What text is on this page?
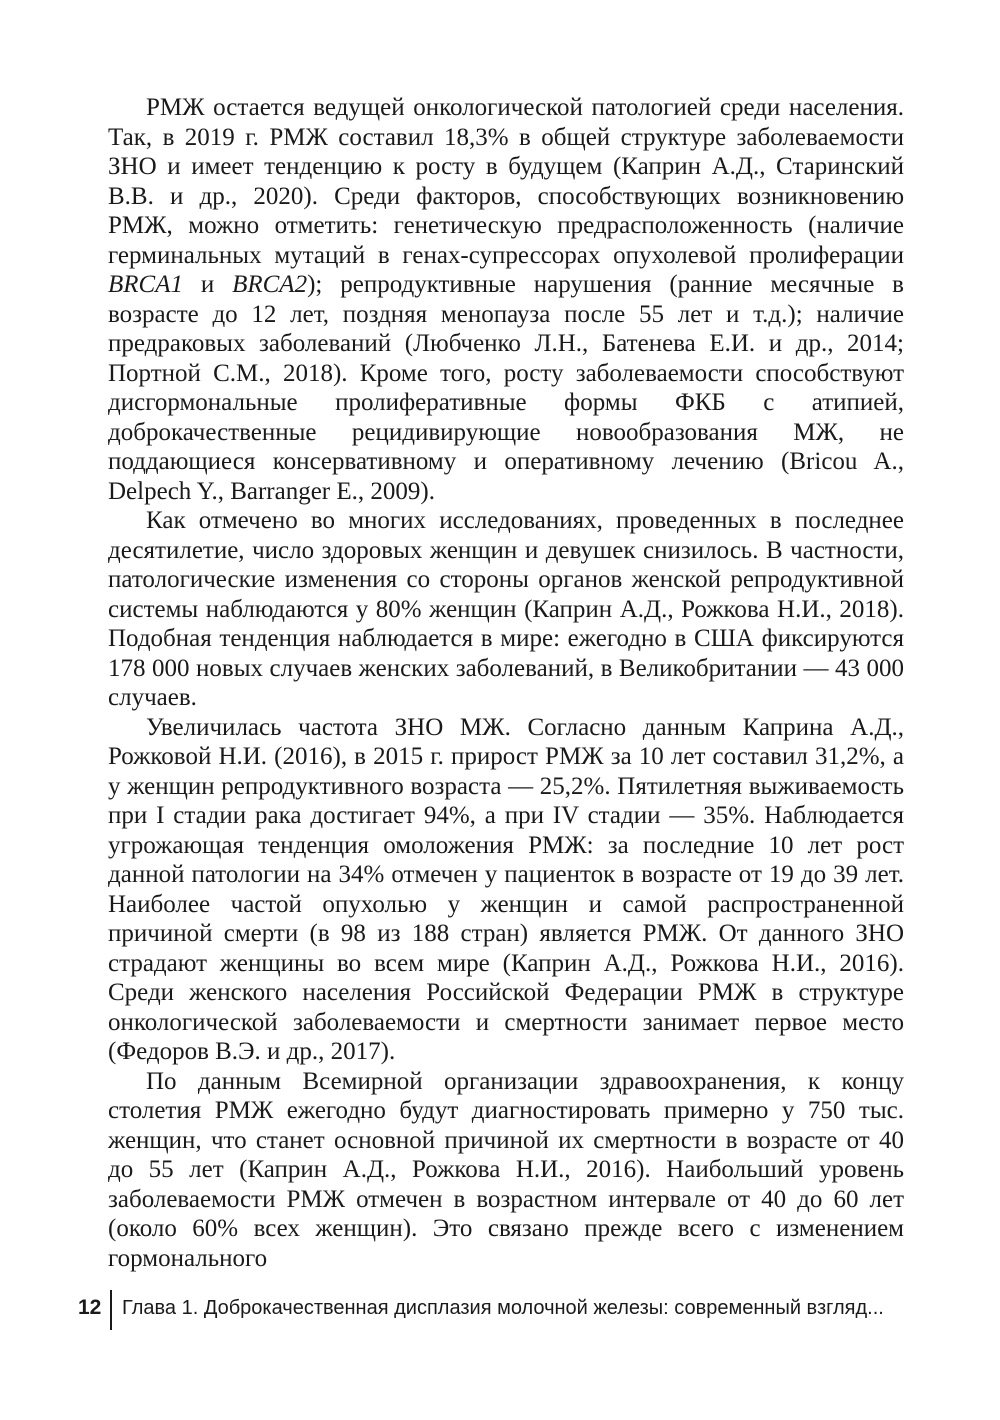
РМЖ остается ведущей онкологической патологией среди населения. Так, в 2019 г. РМЖ составил 18,3% в общей структуре заболеваемости ЗНО и имеет тенденцию к росту в будущем (Каприн А.Д., Старинский В.В. и др., 2020). Среди факторов, способствующих возникновению РМЖ, можно отметить: генетическую предрасположенность (наличие герминальных мутаций в генах-супрессорах опухолевой пролиферации BRCA1 и BRCA2); репродуктивные нарушения (ранние месячные в возрасте до 12 лет, поздняя менопауза после 55 лет и т.д.); наличие предраковых заболеваний (Любченко Л.Н., Батенева Е.И. и др., 2014; Портной С.М., 2018). Кроме того, росту заболеваемости способствуют дисгормональные пролиферативные формы ФКБ с атипией, доброкачественные рецидивирующие новообразования МЖ, не поддающиеся консервативному и оперативному лечению (Bricou A., Delpech Y., Barranger E., 2009).

Как отмечено во многих исследованиях, проведенных в последнее десятилетие, число здоровых женщин и девушек снизилось. В частности, патологические изменения со стороны органов женской репродуктивной системы наблюдаются у 80% женщин (Каприн А.Д., Рожкова Н.И., 2018). Подобная тенденция наблюдается в мире: ежегодно в США фиксируются 178 000 новых случаев женских заболеваний, в Великобритании — 43 000 случаев.

Увеличилась частота ЗНО МЖ. Согласно данным Каприна А.Д., Рожковой Н.И. (2016), в 2015 г. прирост РМЖ за 10 лет составил 31,2%, а у женщин репродуктивного возраста — 25,2%. Пятилетняя выживаемость при I стадии рака достигает 94%, а при IV стадии — 35%. Наблюдается угрожающая тенденция омоложения РМЖ: за последние 10 лет рост данной патологии на 34% отмечен у пациенток в возрасте от 19 до 39 лет. Наиболее частой опухолью у женщин и самой распространенной причиной смерти (в 98 из 188 стран) является РМЖ. От данного ЗНО страдают женщины во всем мире (Каприн А.Д., Рожкова Н.И., 2016). Среди женского населения Российской Федерации РМЖ в структуре онкологической заболеваемости и смертности занимает первое место (Федоров В.Э. и др., 2017).

По данным Всемирной организации здравоохранения, к концу столетия РМЖ ежегодно будут диагностировать примерно у 750 тыс. женщин, что станет основной причиной их смертности в возрасте от 40 до 55 лет (Каприн А.Д., Рожкова Н.И., 2016). Наибольший уровень заболеваемости РМЖ отмечен в возрастном интервале от 40 до 60 лет (около 60% всех женщин). Это связано прежде всего с изменением гормонального

12 Глава 1. Доброкачественная дисплазия молочной железы: современный взгляд...
